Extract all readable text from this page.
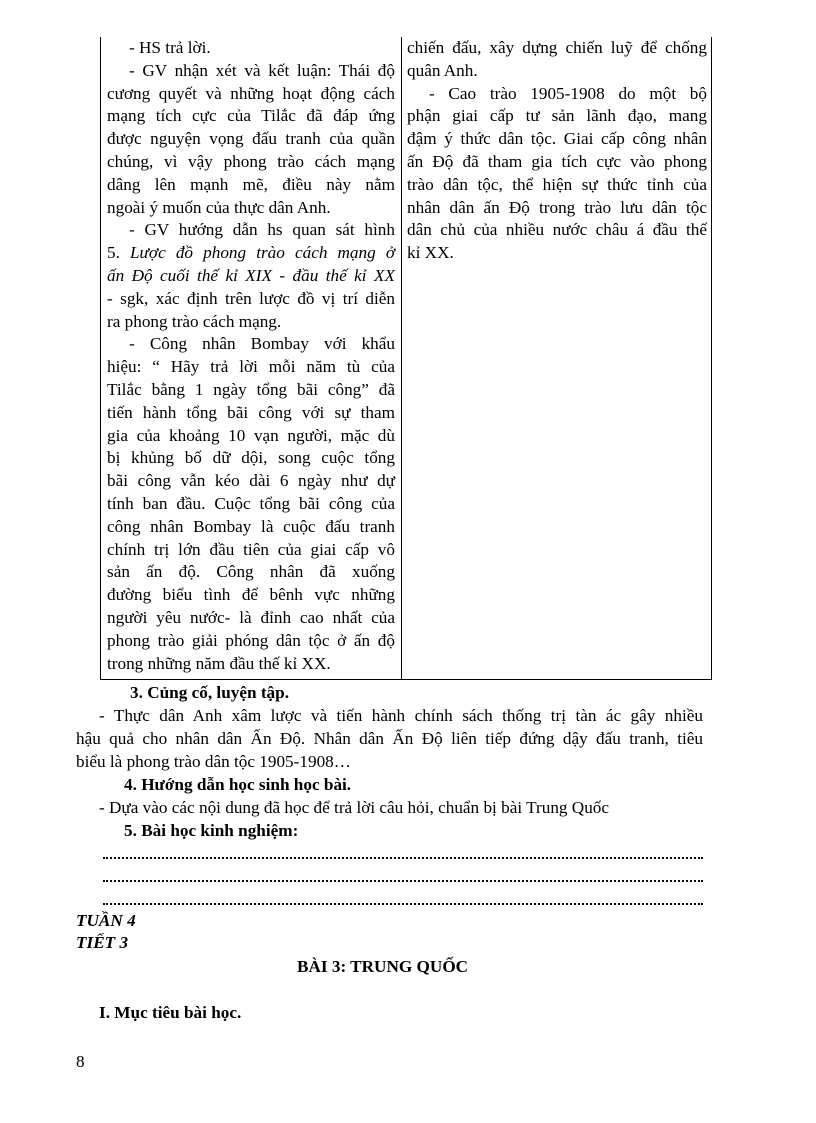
- HS trả lời.

- GV nhận xét và kết luận: Thái độ

cương quyết và những hoạt động cách

mạng tích cực của Tilắc đã đáp ứng

được nguyện vọng đấu tranh của quần

chúng, vì vậy phong trào cách mạng

dâng lên mạnh mẽ, điều này nằm

ngoài ý muốn của thực dân Anh.

- GV hướng dẫn hs quan sát hình

5. Lược đồ phong trào cách mạng ở

ấn Độ cuối thế kỉ XIX - đầu thế kỉ XX

- sgk, xác định trên lược đồ vị trí diễn

ra phong trào cách mạng.

- Công nhân Bombay với khẩu

hiệu: “ Hãy trả lời mỗi năm tù của

Tilắc bằng 1 ngày tổng bãi công” đã

tiến hành tổng bãi công với sự tham

gia của khoảng 10 vạn người, mặc dù

bị khủng bố dữ dội, song cuộc tổng

bãi công vẫn kéo dài 6 ngày như dự

tính ban đầu. Cuộc tổng bãi công của

công nhân Bombay là cuộc đấu tranh

chính trị lớn đầu tiên của giai cấp vô

sản ấn độ. Công nhân đã xuống

đường biểu tình để bênh vực những

người yêu nước- là đỉnh cao nhất của

phong trào giải phóng dân tộc ở ấn độ

trong những năm đầu thế kỉ XX.

chiến đấu, xây dựng chiến luỹ để chống

quân Anh.

- Cao trào 1905-1908 do một bộ

phận giai cấp tư sản lãnh đạo, mang

đậm ý thức dân tộc. Giai cấp công nhân

ấn Độ đã tham gia tích cực vào phong

trào dân tộc, thể hiện sự thức tỉnh của

nhân dân ấn Độ trong trào lưu dân tộc

dân chủ của nhiều nước châu á đầu thế

kỉ XX.

3. Củng cố, luyện tập.
- Thực dân Anh xâm lược và tiến hành chính sách thống trị tàn ác gây nhiều
hậu quả cho nhân dân Ấn Độ. Nhân dân Ấn Độ liên tiếp đứng dậy đấu tranh, tiêu
biểu là phong trào dân tộc 1905-1908…
4. Hướng dẫn học sinh học bài.
- Dựa vào các nội dung đã học để trả lời câu hỏi, chuẩn bị bài Trung Quốc
5. Bài học kinh nghiệm:
TUẦN 4
TIẾT 3
BÀI 3: TRUNG QUỐC
I. Mục tiêu bài học.
8
